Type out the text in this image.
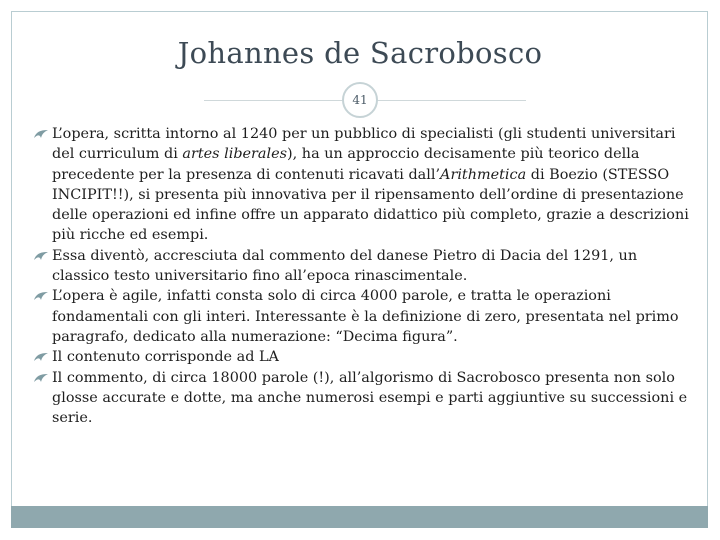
Johannes de Sacrobosco
41

L’opera, scritta intorno al 1240 per un pubblico di specialisti (gli studenti universitari del curriculum di artes liberales), ha un approccio decisamente più teorico della precedente per la presenza di contenuti ricavati dall’Arithmetica di Boezio (STESSO INCIPIT!!), si presenta più innovativa per il ripensamento dell’ordine di presentazione delle operazioni ed infine offre un apparato didattico più completo, grazie a descrizioni più ricche ed esempi.

Essa diventò, accresciuta dal commento del danese Pietro di Dacia del 1291, un classico testo universitario fino all’epoca rinascimentale.

L’opera è agile, infatti consta solo di circa 4000 parole, e tratta le operazioni fondamentali con gli interi. Interessante è la definizione di zero, presentata nel primo paragrafo, dedicato alla numerazione: “Decima figura”.

Il contenuto corrisponde ad LA

Il commento, di circa 18000 parole (!), all’algorismo di Sacrobosco presenta non solo glosse accurate e dotte, ma anche numerosi esempi e parti aggiuntive su successioni e serie.
